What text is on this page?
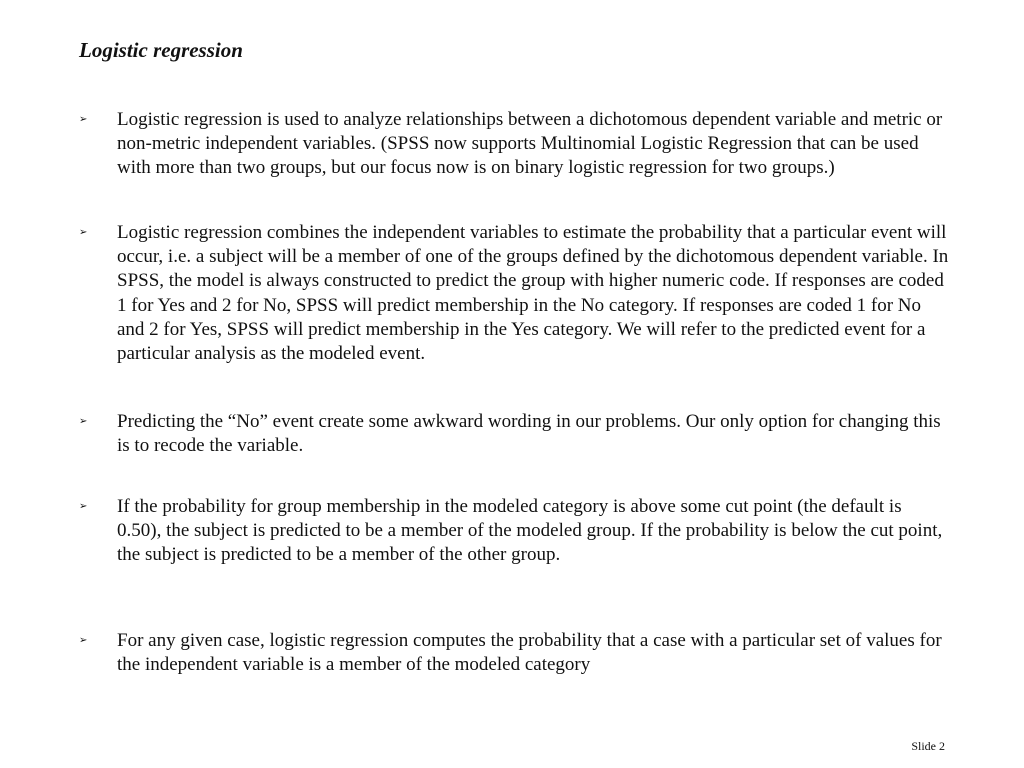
Logistic regression
➢ Logistic regression is used to analyze relationships between a dichotomous dependent variable and metric or non-metric independent variables. (SPSS now supports Multinomial Logistic Regression that can be used with more than two groups, but our focus now is on binary logistic regression for two groups.)

➢ Logistic regression combines the independent variables to estimate the probability that a particular event will occur, i.e. a subject will be a member of one of the groups defined by the dichotomous dependent variable. In SPSS, the model is always constructed to predict the group with higher numeric code. If responses are coded 1 for Yes and 2 for No, SPSS will predict membership in the No category. If responses are coded 1 for No and 2 for Yes, SPSS will predict membership in the Yes category. We will refer to the predicted event for a particular analysis as the modeled event.

➢ Predicting the “No” event create some awkward wording in our problems. Our only option for changing this is to recode the variable.

➢ If the probability for group membership in the modeled category is above some cut point (the default is 0.50), the subject is predicted to be a member of the modeled group. If the probability is below the cut point, the subject is predicted to be a member of the other group.

➢ For any given case, logistic regression computes the probability that a case with a particular set of values for the independent variable is a member of the modeled category

Slide 2
